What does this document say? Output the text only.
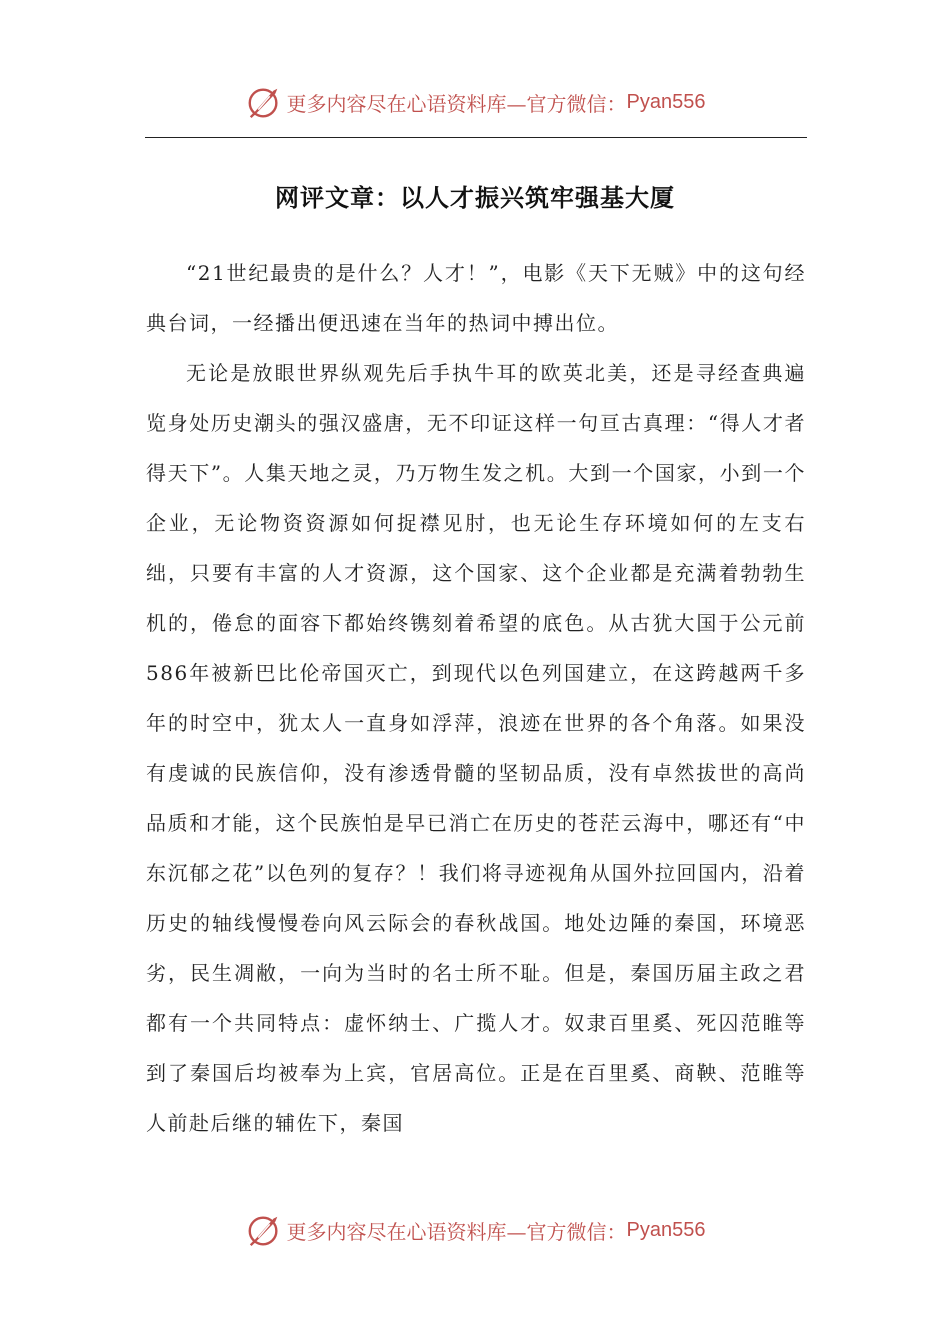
更多内容尽在心语资料库—官方微信： Pyan556
网评文章：以人才振兴筑牢强基大厦

“21世纪最贵的是什么？人才！”，电影《天下无贼》中的这句经典台词，一经播出便迅速在当年的热词中搏出位。

无论是放眼世界纵观先后手执牛耳的欧英北美，还是寻经查典遍览身处历史潮头的强汉盛唐，无不印证这样一句亘古真理：“得人才者得天下”。人集天地之灵，乃万物生发之机。大到一个国家，小到一个企业，无论物资资源如何捉襟见肘，也无论生存环境如何的左支右绌，只要有丰富的人才资源，这个国家、这个企业都是充满着勃勃生机的，倦怠的面容下都始终镌刻着希望的底色。从古犹大国于公元前586年被新巴比伦帝国灭亡，到现代以色列国建立，在这跨越两千多年的时空中，犹太人一直身如浮萍，浪迹在世界的各个角落。如果没有虔诚的民族信仰，没有渗透骨髓的坚韧品质，没有卓然拔世的高尚品质和才能，这个民族怕是早已消亡在历史的苍茫云海中，哪还有“中东沉郁之花”以色列的复存？！我们将寻迹视角从国外拉回国内，沿着历史的轴线慢慢卷向风云际会的春秋战国。地处边陲的秦国，环境恶劣，民生凋敝，一向为当时的名士所不耻。但是，秦国历届主政之君都有一个共同特点：虚怀纳士、广揽人才。奴隶百里奚、死囚范睢等到了秦国后均被奉为上宾，官居高位。正是在百里奚、商鞅、范睢等人前赴后继的辅佐下，秦国

更多内容尽在心语资料库—官方微信： Pyan556
